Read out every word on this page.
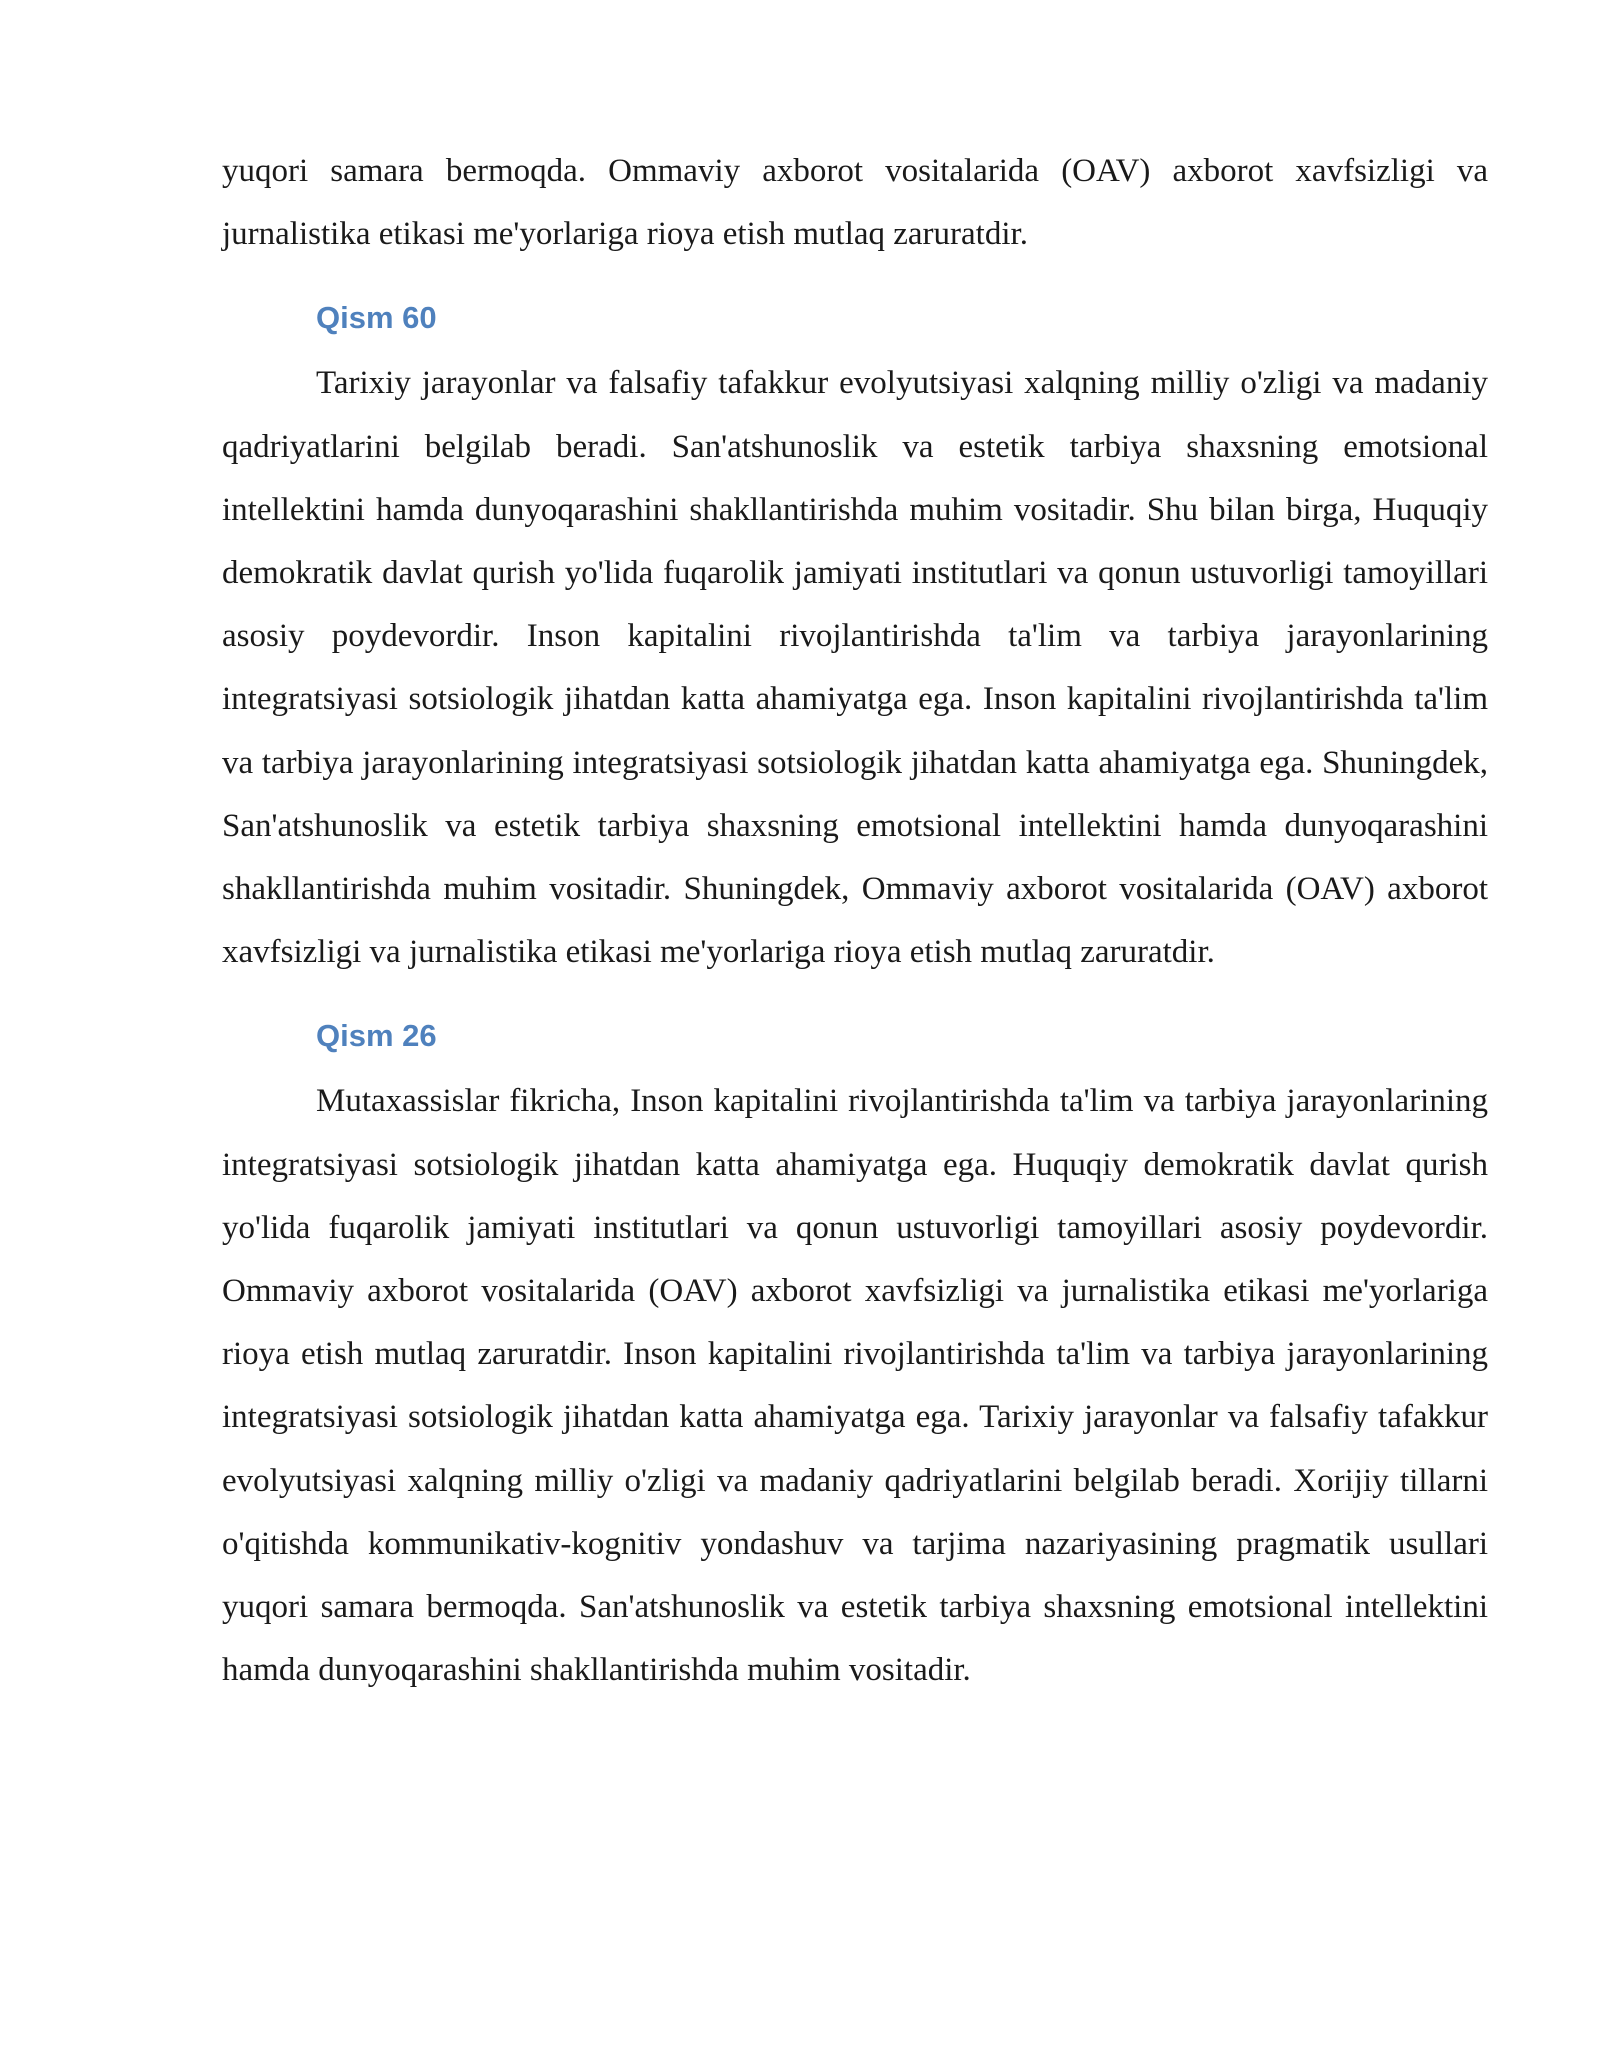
yuqori samara bermoqda. Ommaviy axborot vositalarida (OAV) axborot xavfsizligi va jurnalistika etikasi me'yorlariga rioya etish mutlaq zaruratdir.

Qism 60

Tarixiy jarayonlar va falsafiy tafakkur evolyutsiyasi xalqning milliy o'zligi va madaniy qadriyatlarini belgilab beradi. San'atshunoslik va estetik tarbiya shaxsning emotsional intellektini hamda dunyoqarashini shakllantirishda muhim vositadir. Shu bilan birga, Huquqiy demokratik davlat qurish yo'lida fuqarolik jamiyati institutlari va qonun ustuvorligi tamoyillari asosiy poydevordir. Inson kapitalini rivojlantirishda ta'lim va tarbiya jarayonlarining integratsiyasi sotsiologik jihatdan katta ahamiyatga ega. Inson kapitalini rivojlantirishda ta'lim va tarbiya jarayonlarining integratsiyasi sotsiologik jihatdan katta ahamiyatga ega. Shuningdek, San'atshunoslik va estetik tarbiya shaxsning emotsional intellektini hamda dunyoqarashini shakllantirishda muhim vositadir. Shuningdek, Ommaviy axborot vositalarida (OAV) axborot xavfsizligi va jurnalistika etikasi me'yorlariga rioya etish mutlaq zaruratdir.

Qism 26

Mutaxassislar fikricha, Inson kapitalini rivojlantirishda ta'lim va tarbiya jarayonlarining integratsiyasi sotsiologik jihatdan katta ahamiyatga ega. Huquqiy demokratik davlat qurish yo'lida fuqarolik jamiyati institutlari va qonun ustuvorligi tamoyillari asosiy poydevordir. Ommaviy axborot vositalarida (OAV) axborot xavfsizligi va jurnalistika etikasi me'yorlariga rioya etish mutlaq zaruratdir. Inson kapitalini rivojlantirishda ta'lim va tarbiya jarayonlarining integratsiyasi sotsiologik jihatdan katta ahamiyatga ega. Tarixiy jarayonlar va falsafiy tafakkur evolyutsiyasi xalqning milliy o'zligi va madaniy qadriyatlarini belgilab beradi. Xorijiy tillarni o'qitishda kommunikativ-kognitiv yondashuv va tarjima nazariyasining pragmatik usullari yuqori samara bermoqda. San'atshunoslik va estetik tarbiya shaxsning emotsional intellektini hamda dunyoqarashini shakllantirishda muhim vositadir.
